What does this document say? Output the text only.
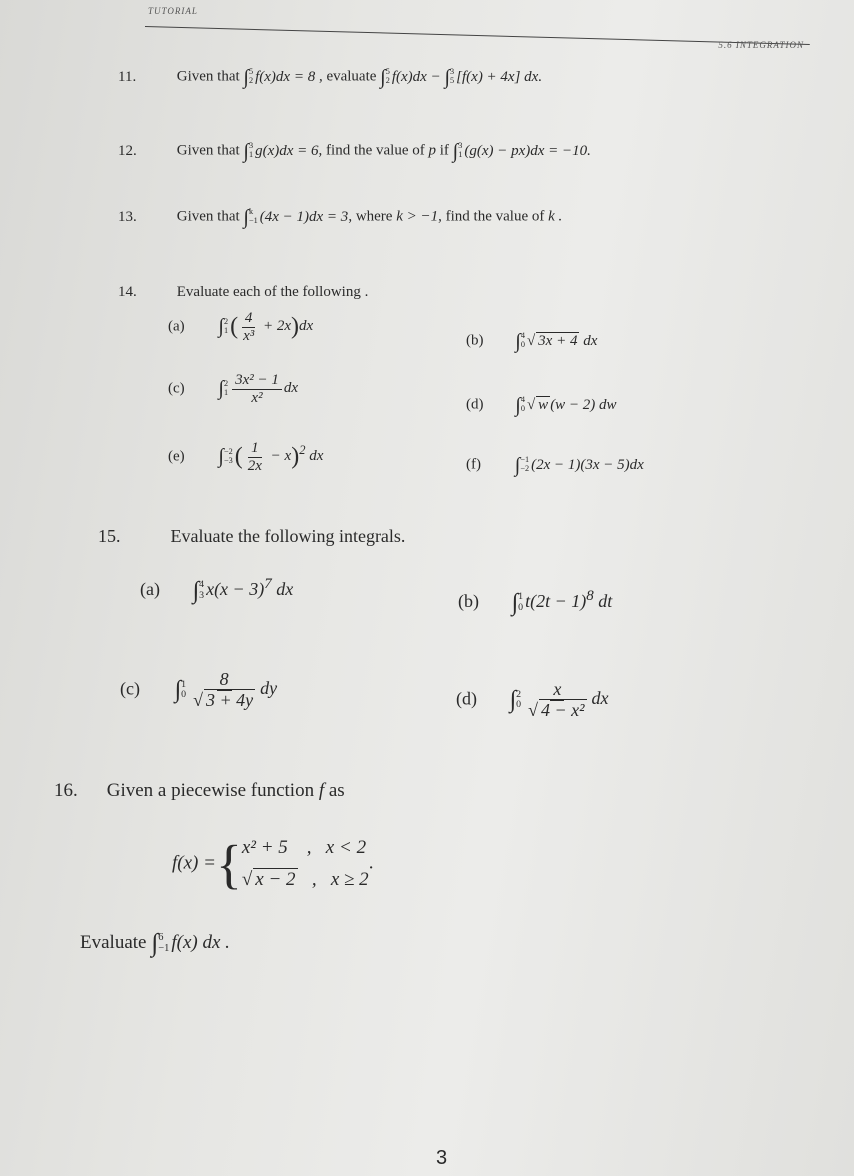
TUTORIAL
5.6 INTEGRATION
11.	Given that ∫ 5
2 f(x)dx = 8 , evaluate ∫ 5
2 f(x)dx − ∫ 3
5 [f(x) + 4x] dx.
12.	Given that ∫ 3
1 g(x)dx = 6, find the value of p if ∫ 3
1 (g(x) − px)dx = −10.
13.	Given that ∫ k
−1 (4x − 1)dx = 3, where k > −1, find the value of k .
14.	Evaluate each of the following .
(a) ∫ 2
1 ( $\frac{4}{\text{x³}} + 2x)dx$
(b) ∫ 4
0 √ 3x + 4 dx
(c) ∫ 2
$1 \frac{\text{3x² − 1}}{\text{x²}}$ dx
(d) ∫ 4
0 √ w (w − 2) dw
(e) ∫ −2
−3 ( $\frac{1}{2x} - x)^2$ dx
(f) ∫ −1
−2 (2x − 1)(3x − 5)dx
15.	Evaluate the following integrals.
(a) ∫ 4
3 $x(x - 3)^7$ dx
(b) ∫ 1
0 $t(2t - 1)^8$ dt
(c) ∫ 1
$0 \frac{8}{√ 3 + 4y}$ dy	(d) ∫ 2
$0 \frac{x}{\text{√ 4 − x²}}$ dx
16. Given a piecewise function f as
f(x) ={ x² + 5    ,   x < 2
√ x − 2   ,   x ≥ 2
.
Evaluate ∫ 6
−1 f(x) dx .
3
